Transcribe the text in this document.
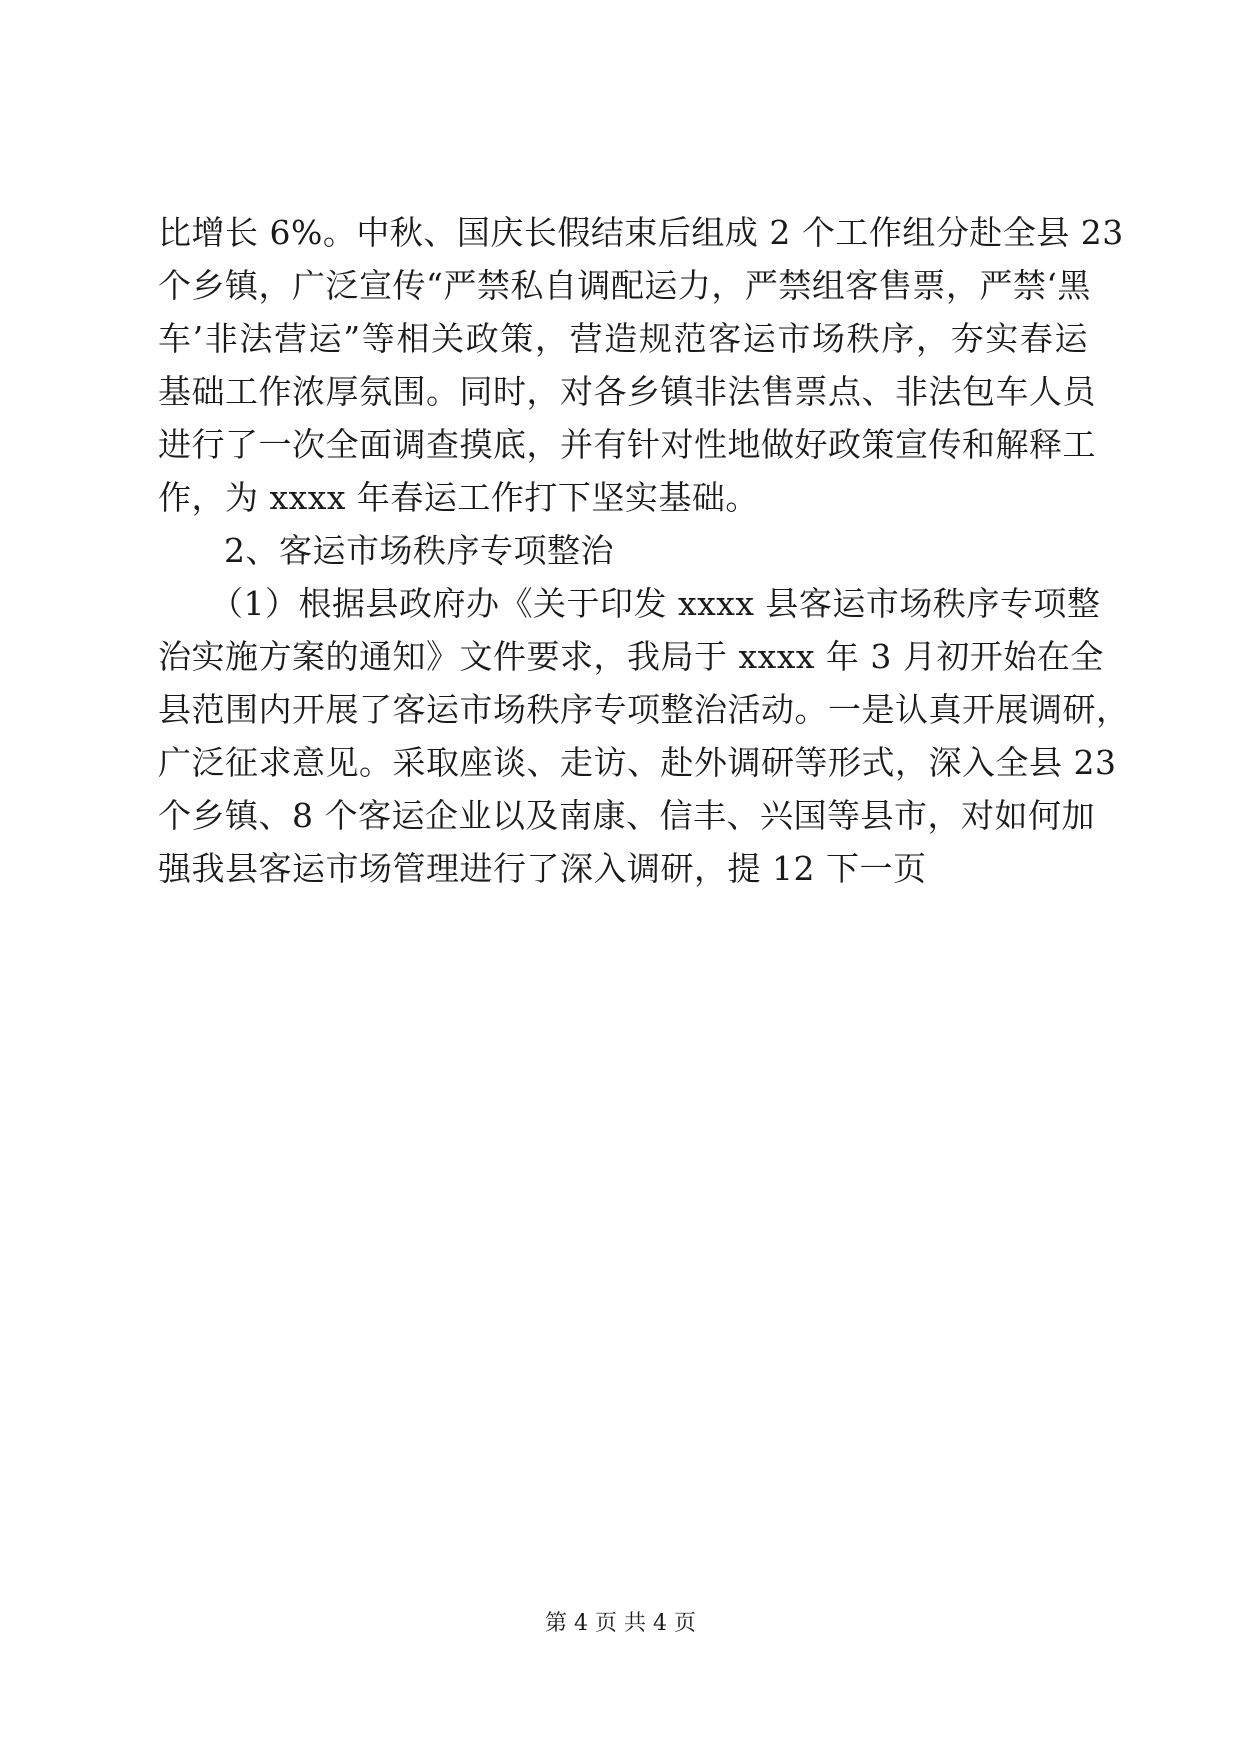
比增长 6%。中秋、国庆长假结束后组成 2 个工作组分赴全县 23
个乡镇，广泛宣传“严禁私自调配运力，严禁组客售票，严禁‘黑
车’非法营运”等相关政策，营造规范客运市场秩序，夯实春运
基础工作浓厚氛围。同时，对各乡镇非法售票点、非法包车人员
进行了一次全面调查摸底，并有针对性地做好政策宣传和解释工
作，为 xxxx 年春运工作打下坚实基础。
2、客运市场秩序专项整治
（1）根据县政府办《关于印发 xxxx 县客运市场秩序专项整
治实施方案的通知》文件要求，我局于 xxxx 年 3 月初开始在全
县范围内开展了客运市场秩序专项整治活动。一是认真开展调研，
广泛征求意见。采取座谈、走访、赴外调研等形式，深入全县 23
个乡镇、8 个客运企业以及南康、信丰、兴国等县市，对如何加
强我县客运市场管理进行了深入调研，提 12 下一页
第 4 页 共 4 页
